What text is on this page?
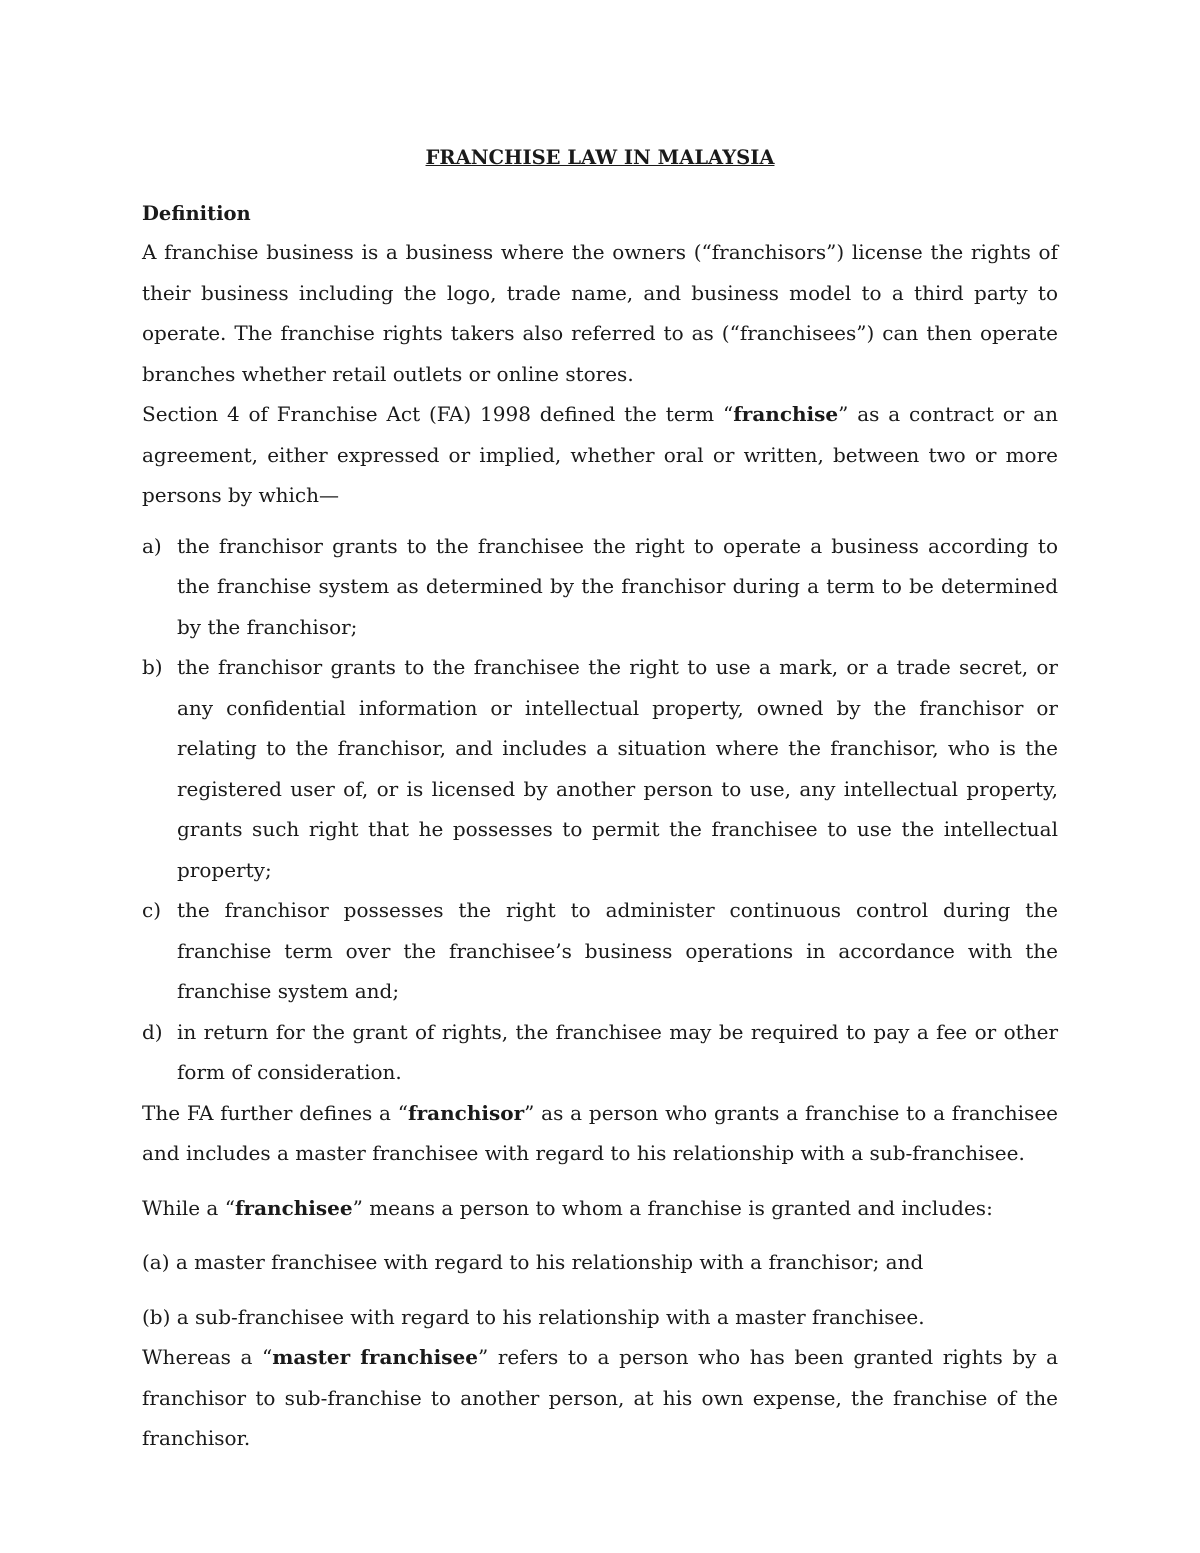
FRANCHISE LAW IN MALAYSIA
Definition

A franchise business is a business where the owners (“franchisors”) license the rights of their business including the logo, trade name, and business model to a third party to operate. The franchise rights takers also referred to as (“franchisees”) can then operate branches whether retail outlets or online stores.

Section 4 of Franchise Act (FA) 1998 defined the term “franchise” as a contract or an agreement, either expressed or implied, whether oral or written, between two or more persons by which—

a) the franchisor grants to the franchisee the right to operate a business according to the franchise system as determined by the franchisor during a term to be determined by the franchisor;
b) the franchisor grants to the franchisee the right to use a mark, or a trade secret, or any confidential information or intellectual property, owned by the franchisor or relating to the franchisor, and includes a situation where the franchisor, who is the registered user of, or is licensed by another person to use, any intellectual property, grants such right that he possesses to permit the franchisee to use the intellectual property;
c) the franchisor possesses the right to administer continuous control during the franchise term over the franchisee’s business operations in accordance with the franchise system and;
d) in return for the grant of rights, the franchisee may be required to pay a fee or other form of consideration.

The FA further defines a “franchisor” as a person who grants a franchise to a franchisee and includes a master franchisee with regard to his relationship with a sub-franchisee.

While a “franchisee” means a person to whom a franchise is granted and includes:

(a) a master franchisee with regard to his relationship with a franchisor; and

(b) a sub-franchisee with regard to his relationship with a master franchisee.

Whereas a “master franchisee” refers to a person who has been granted rights by a franchisor to sub-franchise to another person, at his own expense, the franchise of the franchisor.
